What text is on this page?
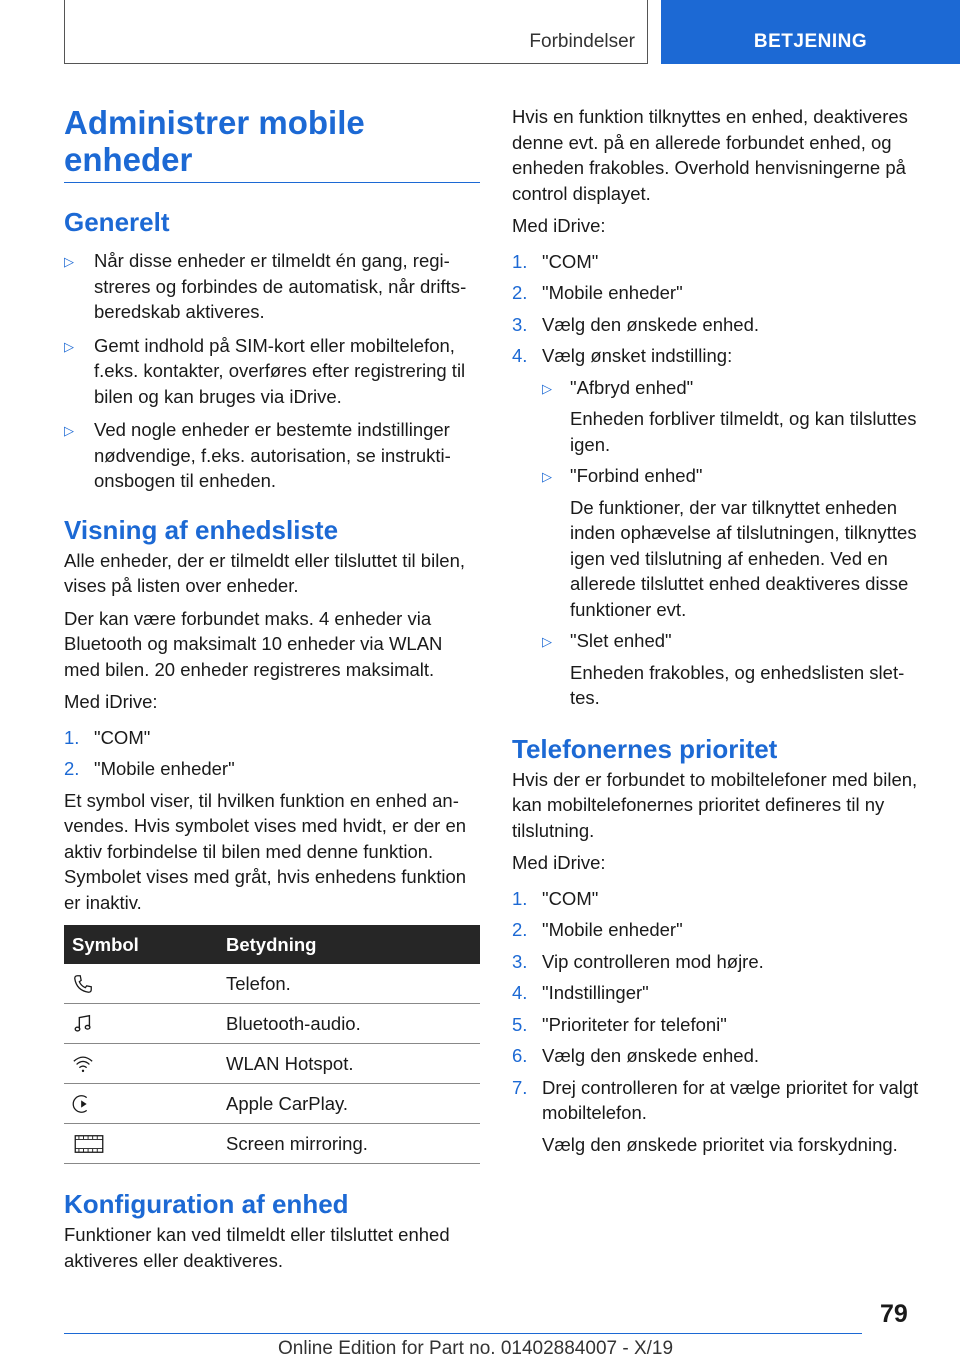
Forbindelser	BETJENING
Administrer mobile enheder
Generelt
▷ Når disse enheder er tilmeldt én gang, registreres og forbindes de automatisk, når driftsberedskab aktiveres.
▷ Gemt indhold på SIM-kort eller mobiltelefon, f.eks. kontakter, overføres efter registrering til bilen og kan bruges via iDrive.
▷ Ved nogle enheder er bestemte indstillinger nødvendige, f.eks. autorisation, se instruktionsbogen til enheden.
Visning af enhedsliste

Alle enheder, der er tilmeldt eller tilsluttet til bilen, vises på listen over enheder.

Der kan være forbundet maks. 4 enheder via Bluetooth og maksimalt 10 enheder via WLAN med bilen. 20 enheder registreres maksimalt.

Med iDrive:

1. "COM"
2. "Mobile enheder"

Et symbol viser, til hvilken funktion en enhed anvendes. Hvis symbolet vises med hvidt, er der en aktiv forbindelse til bilen med denne funktion. Symbolet vises med gråt, hvis enhedens funktion er inaktiv.

Symbol	Betydning
	Telefon.
	Bluetooth-audio.
	WLAN Hotspot.
	Apple CarPlay.
	Screen mirroring.
Konfiguration af enhed

Funktioner kan ved tilmeldt eller tilsluttet enhed aktiveres eller deaktiveres.

Hvis en funktion tilknyttes en enhed, deaktiveres denne evt. på en allerede forbundet enhed, og enheden frakobles. Overhold henvisningerne på control displayet.

Med iDrive:

1. "COM"
2. "Mobile enheder"
3. Vælg den ønskede enhed.
4. Vælg ønsket indstilling:
▷ "Afbryd enhed"
Enheden forbliver tilmeldt, og kan tilsluttes igen.
▷ "Forbind enhed"
De funktioner, der var tilknyttet enheden inden ophævelse af tilslutningen, tilknyttes igen ved tilslutning af enheden. Ved en allerede tilsluttet enhed deaktiveres disse funktioner evt.
▷ "Slet enhed"
Enheden frakobles, og enhedslisten slettes.
Telefonernes prioritet

Hvis der er forbundet to mobiltelefoner med bilen, kan mobiltelefonernes prioritet defineres til ny tilslutning.

Med iDrive:

1. "COM"
2. "Mobile enheder"
3. Vip controlleren mod højre.
4. "Indstillinger"
5. "Prioriteter for telefoni"
6. Vælg den ønskede enhed.
7. Drej controlleren for at vælge prioritet for valgt mobiltelefon.

Vælg den ønskede prioritet via forskydning.

79
Online Edition for Part no. 01402884007 - X/19
